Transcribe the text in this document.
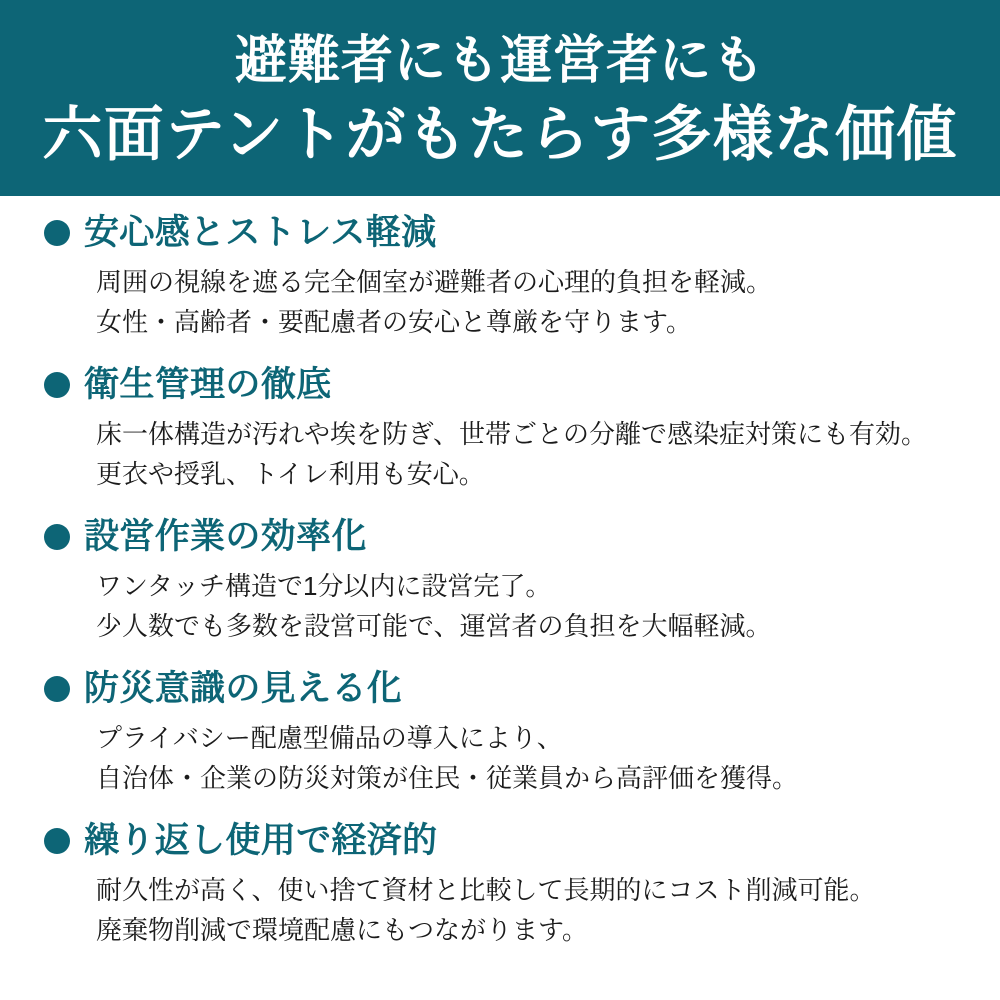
避難者にも運営者にも
六面テントがもたらす多様な価値
安心感とストレス軽減
周囲の視線を遮る完全個室が避難者の心理的負担を軽減。
女性・高齢者・要配慮者の安心と尊厳を守ります。
衛生管理の徹底
床一体構造が汚れや埃を防ぎ、世帯ごとの分離で感染症対策にも有効。
更衣や授乳、トイレ利用も安心。
設営作業の効率化
ワンタッチ構造で1分以内に設営完了。
少人数でも多数を設営可能で、運営者の負担を大幅軽減。
防災意識の見える化
プライバシー配慮型備品の導入により、
自治体・企業の防災対策が住民・従業員から高評価を獲得。
繰り返し使用で経済的
耐久性が高く、使い捨て資材と比較して長期的にコスト削減可能。
廃棄物削減で環境配慮にもつながります。
